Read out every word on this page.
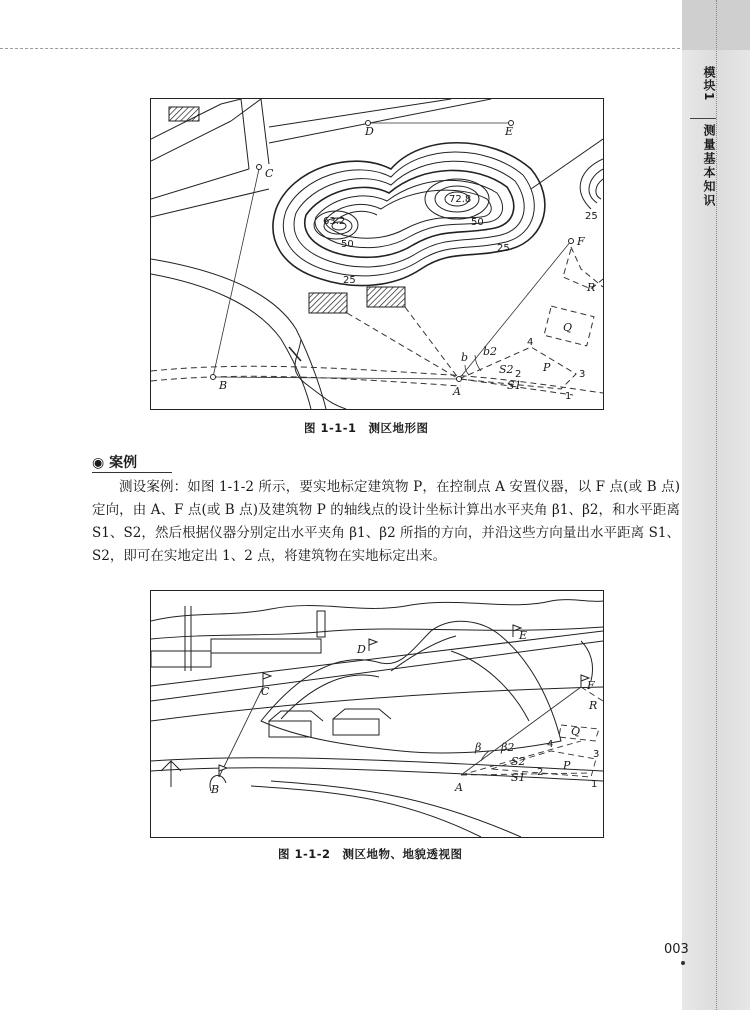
模块1
测量基本知识
B
C
D	E
F
A
P
Q
R
63.2
72.8
50
50
25
25
25
b b2
S2
S1
1
2	3
4
图 1-1-1　测区地形图
◉ 案例
测设案例：如图 1-1-2 所示，要实地标定建筑物 P，在控制点 A 安置仪器，以 F 点(或 B 点)定向，由 A、F 点(或 B 点)及建筑物 P 的轴线点的设计坐标计算出水平夹角 β1、β2，和水平距离 S1、S2，然后根据仪器分别定出水平夹角 β1、β2 所指的方向，并沿这些方向量出水平距离 S1、S2，即可在实地定出 1、2 点，将建筑物在实地标定出来。
B
C
D
E
F
A
P
Q
R
β β2
S2
S1
1
2
3
4
图 1-1-2　测区地物、地貌透视图
003
